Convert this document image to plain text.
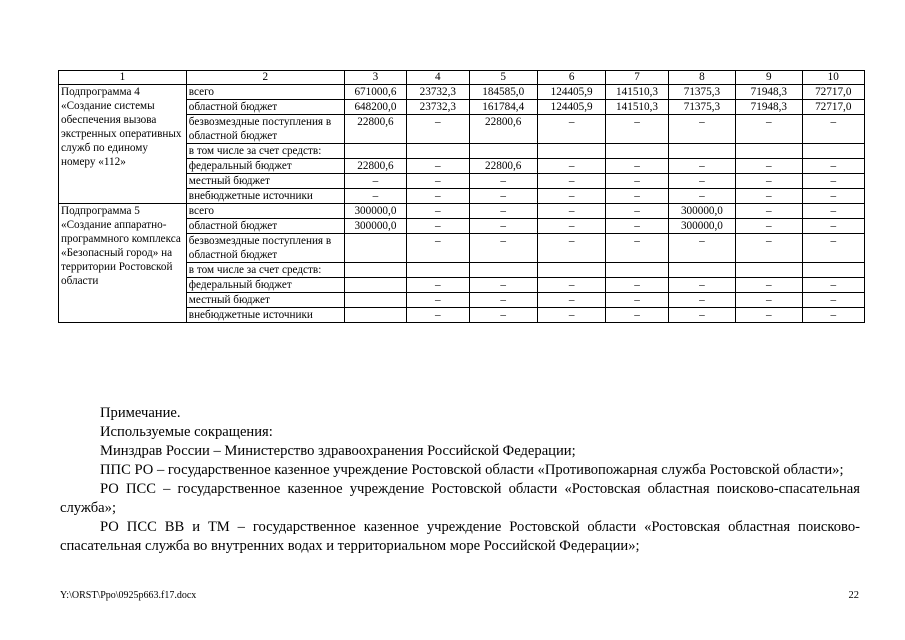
1	2	3	4	5	6	7	8	9	10
Подпрограмма 4 «Создание системы обеспечения вызова экстренных оперативных служб по единому номеру «112»	всего	671000,6	23732,3	184585,0	124405,9	141510,3	71375,3	71948,3	72717,0
	областной бюджет	648200,0	23732,3	161784,4	124405,9	141510,3	71375,3	71948,3	72717,0
	безвозмездные поступления в областной бюджет	22800,6	–	22800,6	–	–	–	–	–
	в том числе за счет средств:								
	федеральный бюджет	22800,6	–	22800,6	–	–	–	–	–
	местный бюджет	–	–	–	–	–	–	–	–
	внебюджетные источники	–	–	–	–	–	–	–	–
Подпрограмма 5 «Создание аппаратно-программного комплекса «Безопасный город» на территории Ростовской области	всего	300000,0	–	–	–	–	300000,0	–	–
	областной бюджет	300000,0	–	–	–	–	300000,0	–	–
	безвозмездные поступления в областной бюджет		–	–	–	–	–	–	–
	в том числе за счет средств:								
	федеральный бюджет		–	–	–	–	–	–	–
	местный бюджет		–	–	–	–	–	–	–
	внебюджетные источники		–	–	–	–	–	–	–

Примечание.

Используемые сокращения:

Минздрав России – Министерство здравоохранения Российской Федерации;

ППС РО – государственное казенное учреждение Ростовской области «Противопожарная служба Ростовской области»;

РО ПСС – государственное казенное учреждение Ростовской области «Ростовская областная поисково-спасательная служба»;

РО ПСС ВВ и ТМ – государственное казенное учреждение Ростовской области «Ростовская областная поисково-спасательная служба во внутренних водах и территориальном море Российской Федерации»;

Y:\ORST\Ppo\0925p663.f17.docx	22
